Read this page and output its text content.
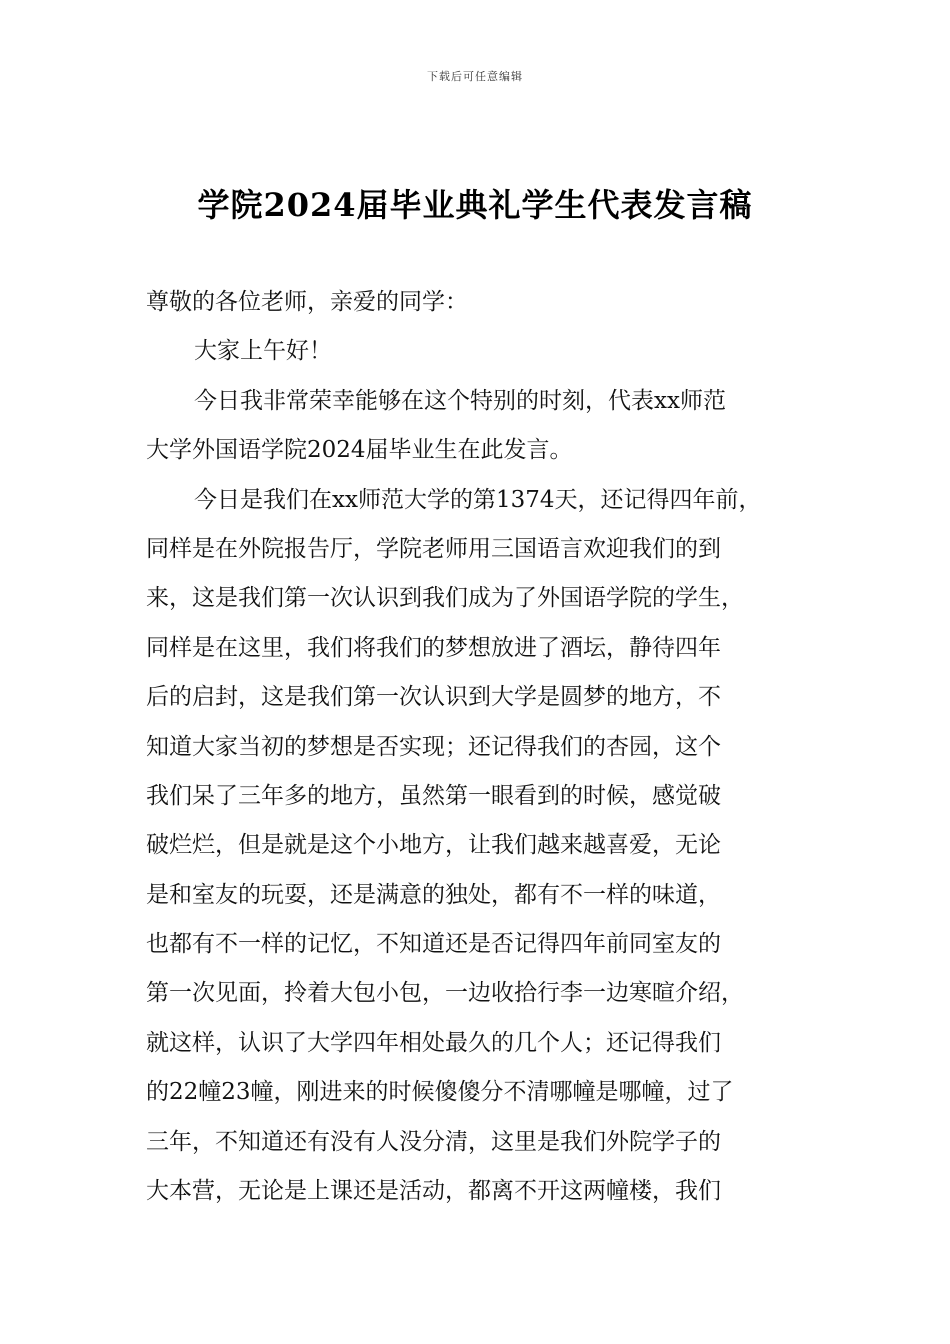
下载后可任意编辑
学院2024届毕业典礼学生代表发言稿
尊敬的各位老师，亲爱的同学：
大家上午好！
今日我非常荣幸能够在这个特别的时刻，代表xx师范
大学外国语学院2024届毕业生在此发言。
今日是我们在xx师范大学的第1374天，还记得四年前，
同样是在外院报告厅，学院老师用三国语言欢迎我们的到
来，这是我们第一次认识到我们成为了外国语学院的学生，
同样是在这里，我们将我们的梦想放进了酒坛，静待四年
后的启封，这是我们第一次认识到大学是圆梦的地方，不
知道大家当初的梦想是否实现；还记得我们的杏园，这个
我们呆了三年多的地方，虽然第一眼看到的时候，感觉破
破烂烂，但是就是这个小地方，让我们越来越喜爱，无论
是和室友的玩耍，还是满意的独处，都有不一样的味道，
也都有不一样的记忆，不知道还是否记得四年前同室友的
第一次见面，拎着大包小包，一边收拾行李一边寒暄介绍，
就这样，认识了大学四年相处最久的几个人；还记得我们
的22幢23幢，刚进来的时候傻傻分不清哪幢是哪幢，过了
三年，不知道还有没有人没分清，这里是我们外院学子的
大本营，无论是上课还是活动，都离不开这两幢楼，我们
